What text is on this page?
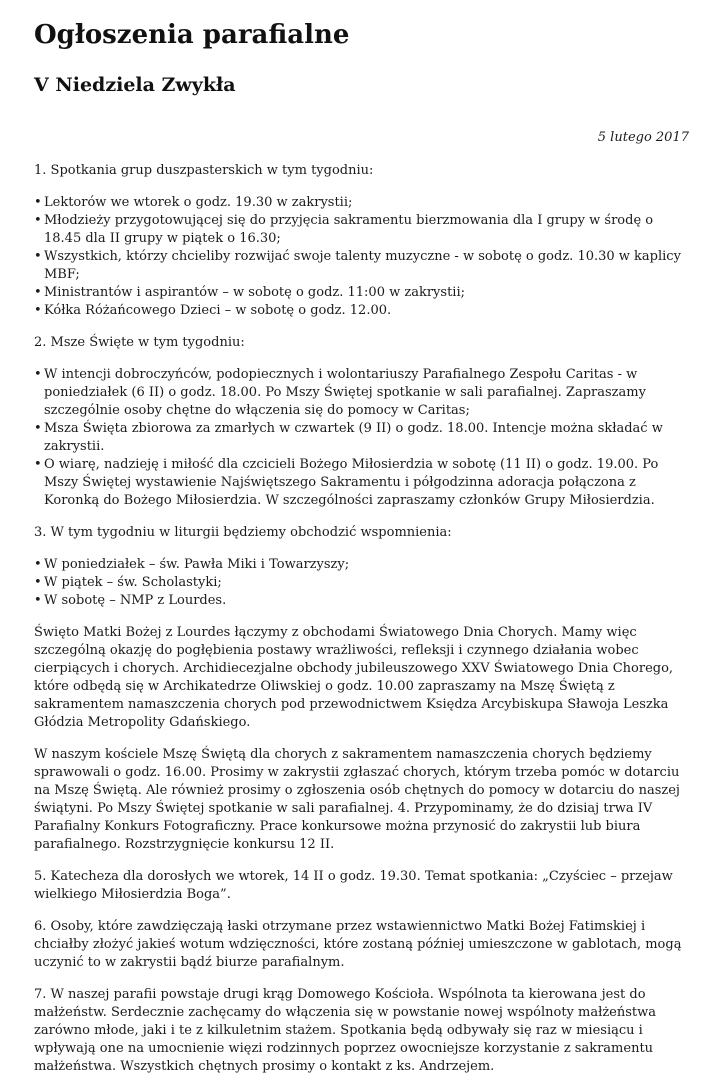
Ogłoszenia parafialne
V Niedziela Zwykła
5 lutego 2017

1. Spotkania grup duszpasterskich w tym tygodniu:

• Lektorów we wtorek o godz. 19.30 w zakrystii;
• Młodzieży przygotowującej się do przyjęcia sakramentu bierzmowania dla I grupy w środę o 18.45 dla II grupy w piątek o 16.30;
• Wszystkich, którzy chcieliby rozwijać swoje talenty muzyczne - w sobotę o godz. 10.30 w kaplicy MBF;
• Ministrantów i aspirantów – w sobotę o godz. 11:00 w zakrystii;
• Kółka Różańcowego Dzieci – w sobotę o godz. 12.00.

2. Msze Święte w tym tygodniu:

• W intencji dobroczyńców, podopiecznych i wolontariuszy Parafialnego Zespołu Caritas - w poniedziałek (6 II) o godz. 18.00. Po Mszy Świętej spotkanie w sali parafialnej. Zapraszamy szczególnie osoby chętne do włączenia się do pomocy w Caritas;
• Msza Święta zbiorowa za zmarłych w czwartek (9 II) o godz. 18.00. Intencje można składać w zakrystii.
• O wiarę, nadzieję i miłość dla czcicieli Bożego Miłosierdzia w sobotę (11 II) o godz. 19.00. Po Mszy Świętej wystawienie Najświętszego Sakramentu i półgodzinna adoracja połączona z Koronką do Bożego Miłosierdzia. W szczególności zapraszamy członków Grupy Miłosierdzia.

3. W tym tygodniu w liturgii będziemy obchodzić wspomnienia:

• W poniedziałek – św. Pawła Miki i Towarzyszy;
• W piątek – św. Scholastyki;
• W sobotę – NMP z Lourdes.

Święto Matki Bożej z Lourdes łączymy z obchodami Światowego Dnia Chorych. Mamy więc szczególną okazję do pogłębienia postawy wrażliwości, refleksji i czynnego działania wobec cierpiących i chorych. Archidiecezjalne obchody jubileuszowego XXV Światowego Dnia Chorego, które odbędą się w Archikatedrze Oliwskiej o godz. 10.00 zapraszamy na Mszę Świętą z sakramentem namaszczenia chorych pod przewodnictwem Księdza Arcybiskupa Sławoja Leszka Głódzia Metropolity Gdańskiego.

W naszym kościele Mszę Świętą dla chorych z sakramentem namaszczenia chorych będziemy sprawowali o godz. 16.00. Prosimy w zakrystii zgłaszać chorych, którym trzeba pomóc w dotarciu na Mszę Świętą. Ale również prosimy o zgłoszenia osób chętnych do pomocy w dotarciu do naszej świątyni. Po Mszy Świętej spotkanie w sali parafialnej. 4. Przypominamy, że do dzisiaj trwa IV Parafialny Konkurs Fotograficzny. Prace konkursowe można przynosić do zakrystii lub biura parafialnego. Rozstrzygnięcie konkursu 12 II.

5. Katecheza dla dorosłych we wtorek, 14 II o godz. 19.30. Temat spotkania: „Czyściec – przejaw wielkiego Miłosierdzia Boga”.

6. Osoby, które zawdzięczają łaski otrzymane przez wstawiennictwo Matki Bożej Fatimskiej i chciałby złożyć jakieś wotum wdzięczności, które zostaną później umieszczone w gablotach, mogą uczynić to w zakrystii bądź biurze parafialnym.

7. W naszej parafii powstaje drugi krąg Domowego Kościoła. Wspólnota ta kierowana jest do małżeństw. Serdecznie zachęcamy do włączenia się w powstanie nowej wspólnoty małżeństwa zarówno młode, jaki i te z kilkuletnim stażem. Spotkania będą odbywały się raz w miesiącu i wpływają one na umocnienie więzi rodzinnych poprzez owocniejsze korzystanie z sakramentu małżeństwa. Wszystkich chętnych prosimy o kontakt z ks. Andrzejem.
